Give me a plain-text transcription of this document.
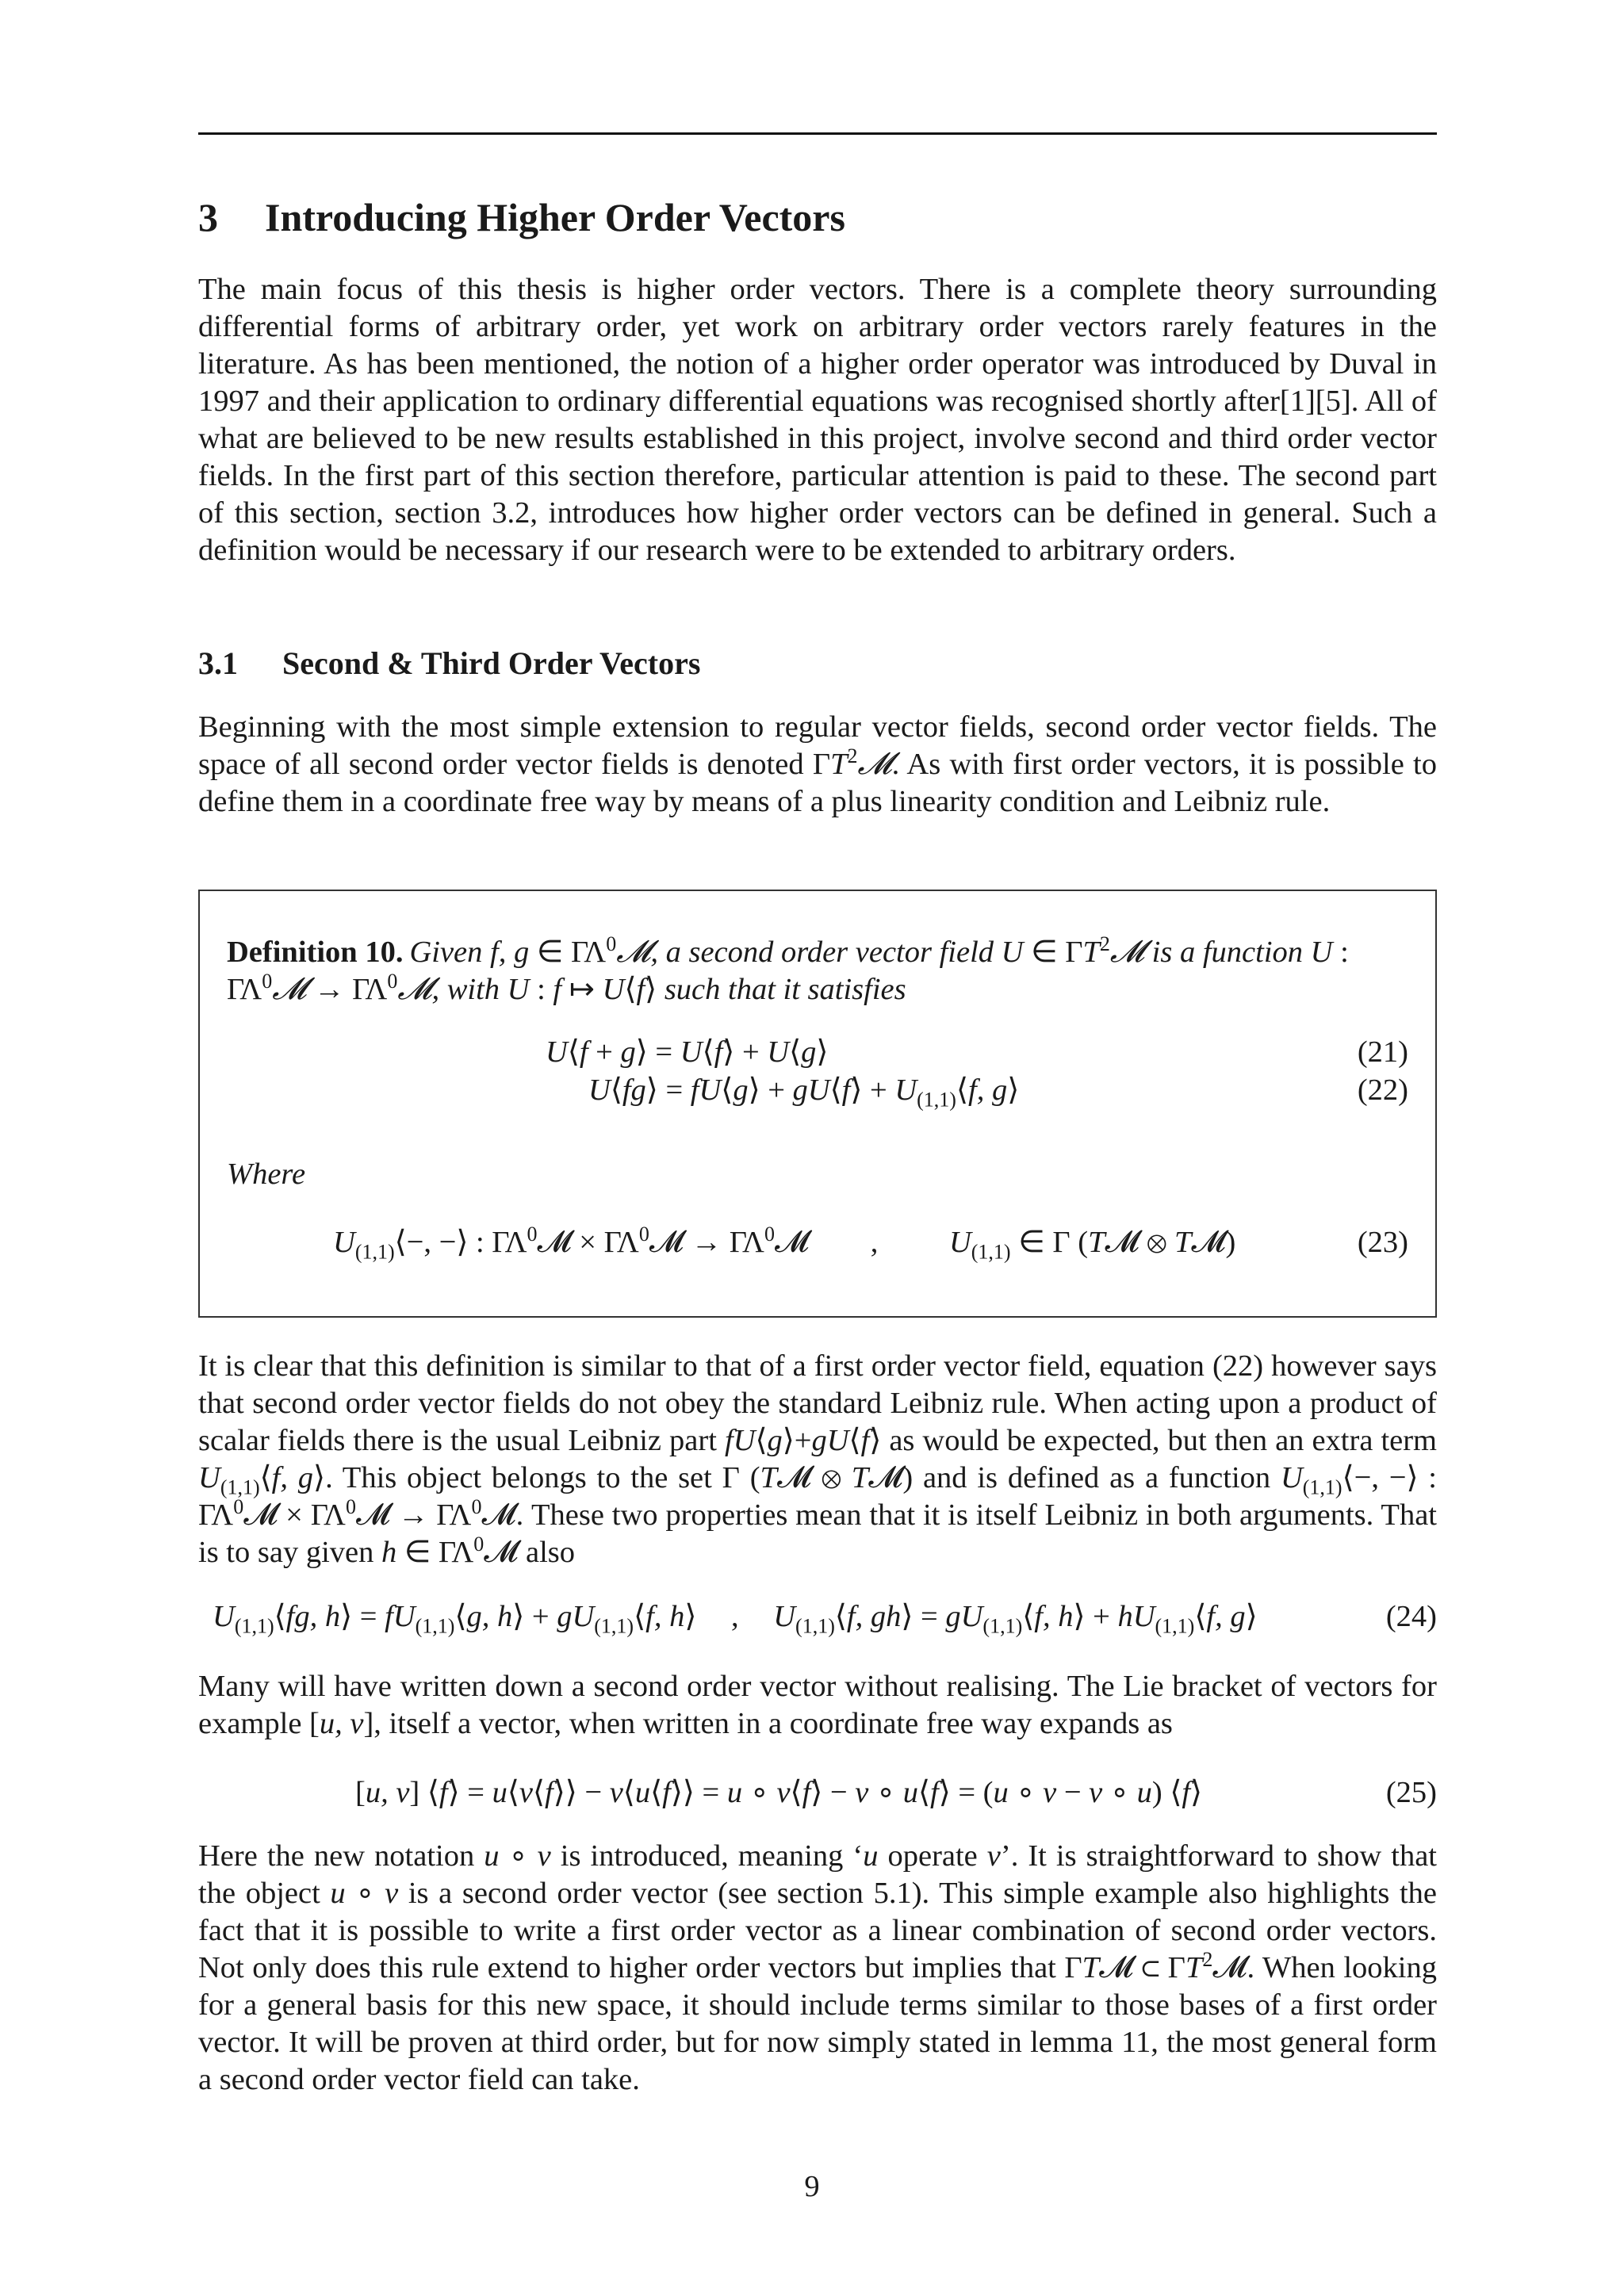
3 Introducing Higher Order Vectors

The main focus of this thesis is higher order vectors. There is a complete theory surrounding differential forms of arbitrary order, yet work on arbitrary order vectors rarely features in the literature. As has been mentioned, the notion of a higher order operator was introduced by Duval in 1997 and their application to ordinary differential equations was recognised shortly after[1][5]. All of what are believed to be new results established in this project, involve second and third order vector fields. In the first part of this section therefore, particular attention is paid to these. The second part of this section, section 3.2, introduces how higher order vectors can be defined in general. Such a definition would be necessary if our research were to be extended to arbitrary orders.

3.1 Second & Third Order Vectors

Beginning with the most simple extension to regular vector fields, second order vector fields. The space of all second order vector fields is denoted $\Gamma T^2𝓜$. As with first order vectors, it is possible to define them in a coordinate free way by means of a plus linearity condition and Leibniz rule.

Definition 10. Given f, g ∈ $\Gamma\Lambda^0𝓜$, a second order vector field U ∈ $\Gamma T^2𝓜$ is a function U : $\Gamma\Lambda^0𝓜$ → $\Gamma\Lambda^0𝓜$, with U : f ↦ U⟨f⟩ such that it satisfies

U⟨f + g⟩ = U⟨f⟩ + U⟨g⟩	(21)
U⟨fg⟩ = fU⟨g⟩ + gU⟨f⟩ + $U_{(1,1)}⟨f$, g⟩	(22)
Where
$U_{(1,1)}⟨-$, −⟩ : $\Gamma\Lambda^0𝓜$ × $\Gamma\Lambda^0𝓜$ → $\Gamma\Lambda^0𝓜$ , $U_{(1,1)}$ ∈ Γ (T𝓜 ⊗ T𝓜)	(23)

It is clear that this definition is similar to that of a first order vector field, equation (22) however says that second order vector fields do not obey the standard Leibniz rule. When acting upon a product of scalar fields there is the usual Leibniz part fU⟨g⟩+gU⟨f⟩ as would be expected, but then an extra term $U_{(1,1)}⟨f$, g⟩. This object belongs to the set Γ (T𝓜 ⊗ T𝓜) and is defined as a function $U_{(1,1)}⟨-$, −⟩ : $\Gamma\Lambda^0𝓜$ × $\Gamma\Lambda^0𝓜$ → $\Gamma\Lambda^0𝓜$. These two properties mean that it is itself Leibniz in both arguments. That is to say given h ∈ $\Gamma\Lambda^0𝓜$ also

$U_{(1,1)}⟨fg$, h⟩ = $fU_{(1,1)}⟨g$, h⟩ + $gU_{(1,1)}⟨f$, h⟩ , $U_{(1,1)}⟨f$, gh⟩ = $gU_{(1,1)}⟨f$, h⟩ + $hU_{(1,1)}⟨f$, g⟩	(24)

Many will have written down a second order vector without realising. The Lie bracket of vectors for example [u, v], itself a vector, when written in a coordinate free way expands as

[u, v] ⟨f⟩ = u⟨v⟨f⟩⟩ − v⟨u⟨f⟩⟩ = u ∘ v⟨f⟩ − v ∘ u⟨f⟩ = (u ∘ v − v ∘ u) ⟨f⟩	(25)

Here the new notation u ∘ v is introduced, meaning ‘u operate v’. It is straightforward to show that the object u ∘ v is a second order vector (see section 5.1). This simple example also highlights the fact that it is possible to write a first order vector as a linear combination of second order vectors. Not only does this rule extend to higher order vectors but implies that ΓT𝓜 ⊂ $\Gamma T^2𝓜$. When looking for a general basis for this new space, it should include terms similar to those bases of a first order vector. It will be proven at third order, but for now simply stated in lemma 11, the most general form a second order vector field can take.

9
